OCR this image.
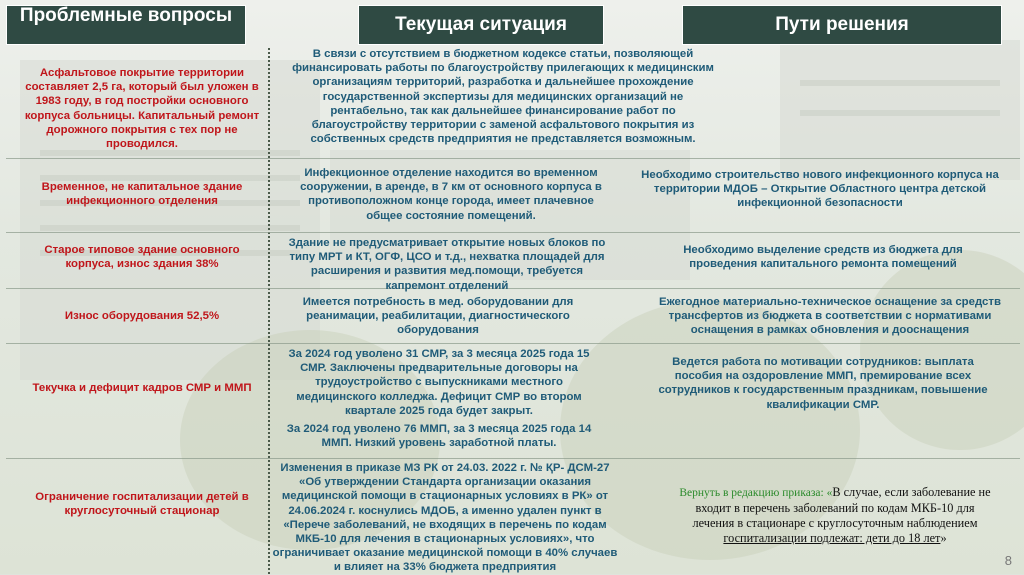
Проблемные вопросы	Текущая ситуация	Пути решения
Асфальтовое покрытие территории составляет 2,5 га, который был уложен в 1983 году, в год постройки основного корпуса больницы. Капитальный ремонт дорожного покрытия с тех пор не проводился.
В связи с отсутствием в бюджетном кодексе статьи, позволяющей финансировать работы по благоустройству прилегающих к медицинским организациям территорий, разработка и дальнейшее прохождение государственной экспертизы для медицинских организаций не рентабельно, так как дальнейшее финансирование работ по благоустройству территории с заменой асфальтового покрытия из собственных средств предприятия не представляется возможным.
Временное, не капитальное здание инфекционного отделения
Инфекционное отделение находится во временном сооружении, в аренде, в 7 км от основного корпуса в противоположном конце города, имеет плачевное общее состояние помещений.
Необходимо строительство нового инфекционного корпуса на территории МДОБ – Открытие Областного центра детской инфекционной безопасности
Старое типовое здание основного корпуса, износ здания 38%
Здание не предусматривает открытие новых блоков по типу МРТ и КТ, ОГФ, ЦСО и т.д., нехватка площадей для расширения и развития мед.помощи, требуется капремонт отделений
Необходимо выделение средств из бюджета для проведения капитального ремонта помещений
Износ оборудования 52,5%
Имеется потребность в мед. оборудовании для реанимации, реабилитации, диагностического оборудования
Ежегодное материально-техническое оснащение за средств трансфертов из бюджета в соответствии с нормативами оснащения в рамках обновления и дооснащения
Текучка и дефицит кадров СМР и ММП
За 2024 год уволено 31 СМР, за 3 месяца 2025 года 15 СМР. Заключены предварительные договоры на трудоустройство с выпускниками местного медицинского колледжа. Дефицит СМР во втором квартале 2025 года будет закрыт.
За 2024 год уволено 76 ММП, за 3 месяца 2025 года 14 ММП. Низкий уровень заработной платы.
Ведется работа по мотивации сотрудников: выплата пособия на оздоровление ММП, премирование всех сотрудников к государственным праздникам, повышение квалификации СМР.
Ограничение госпитализации детей в круглосуточный стационар
Изменения в приказе МЗ РК от 24.03. 2022 г. № ҚР- ДСМ-27 «Об утверждении Стандарта организации оказания медицинской помощи в стационарных условиях в РК» от 24.06.2024 г. коснулись МДОБ, а именно удален пункт в «Перече заболеваний, не входящих в перечень по кодам МКБ-10 для лечения в стационарных условиях», что ограничивает оказание медицинской помощи в 40% случаев и влияет на 33% бюджета предприятия
Вернуть в редакцию приказа: «В случае, если заболевание не входит в перечень заболеваний по кодам МКБ-10 для лечения в стационаре с круглосуточным наблюдением госпитализации подлежат: дети до 18 лет»
8
